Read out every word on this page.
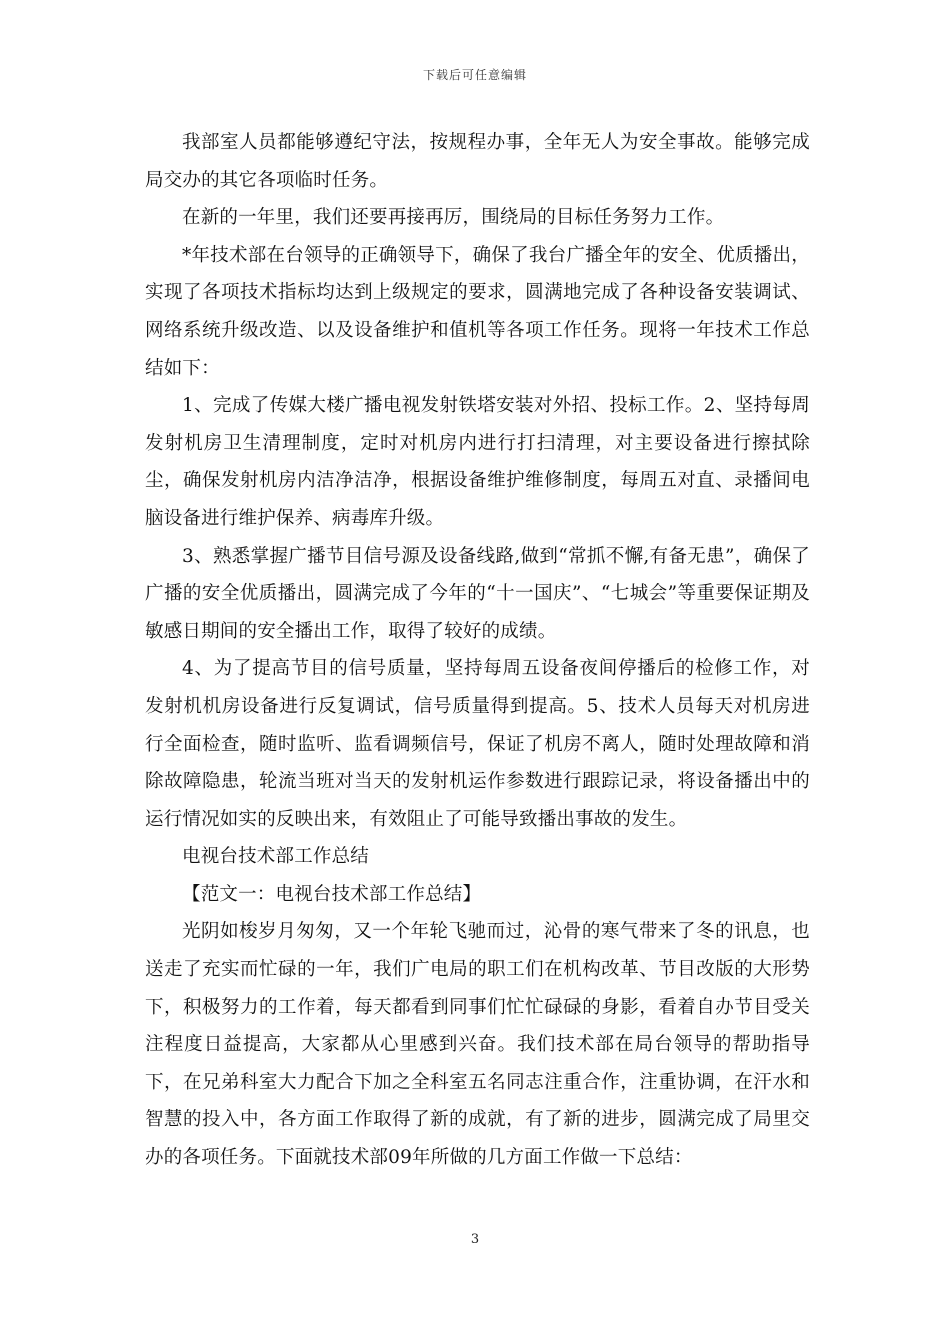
下载后可任意编辑

我部室人员都能够遵纪守法，按规程办事，全年无人为安全事故。能够完成局交办的其它各项临时任务。

在新的一年里，我们还要再接再厉，围绕局的目标任务努力工作。

*年技术部在台领导的正确领导下，确保了我台广播全年的安全、优质播出，实现了各项技术指标均达到上级规定的要求，圆满地完成了各种设备安装调试、网络系统升级改造、以及设备维护和值机等各项工作任务。现将一年技术工作总结如下：

1、完成了传媒大楼广播电视发射铁塔安装对外招、投标工作。2、坚持每周发射机房卫生清理制度，定时对机房内进行打扫清理，对主要设备进行擦拭除尘，确保发射机房内洁净洁净，根据设备维护维修制度，每周五对直、录播间电脑设备进行维护保养、病毒库升级。

3、熟悉掌握广播节目信号源及设备线路,做到“常抓不懈,有备无患”，确保了广播的安全优质播出，圆满完成了今年的“十一国庆”、“七城会”等重要保证期及敏感日期间的安全播出工作，取得了较好的成绩。

4、为了提高节目的信号质量，坚持每周五设备夜间停播后的检修工作，对发射机机房设备进行反复调试，信号质量得到提高。5、技术人员每天对机房进行全面检查，随时监听、监看调频信号，保证了机房不离人，随时处理故障和消除故障隐患，轮流当班对当天的发射机运作参数进行跟踪记录，将设备播出中的运行情况如实的反映出来，有效阻止了可能导致播出事故的发生。

电视台技术部工作总结

【范文一：电视台技术部工作总结】

光阴如梭岁月匆匆，又一个年轮飞驰而过，沁骨的寒气带来了冬的讯息，也送走了充实而忙碌的一年，我们广电局的职工们在机构改革、节目改版的大形势下，积极努力的工作着，每天都看到同事们忙忙碌碌的身影，看着自办节目受关注程度日益提高，大家都从心里感到兴奋。我们技术部在局台领导的帮助指导下，在兄弟科室大力配合下加之全科室五名同志注重合作，注重协调，在汗水和智慧的投入中，各方面工作取得了新的成就，有了新的进步，圆满完成了局里交办的各项任务。下面就技术部09年所做的几方面工作做一下总结：

3
